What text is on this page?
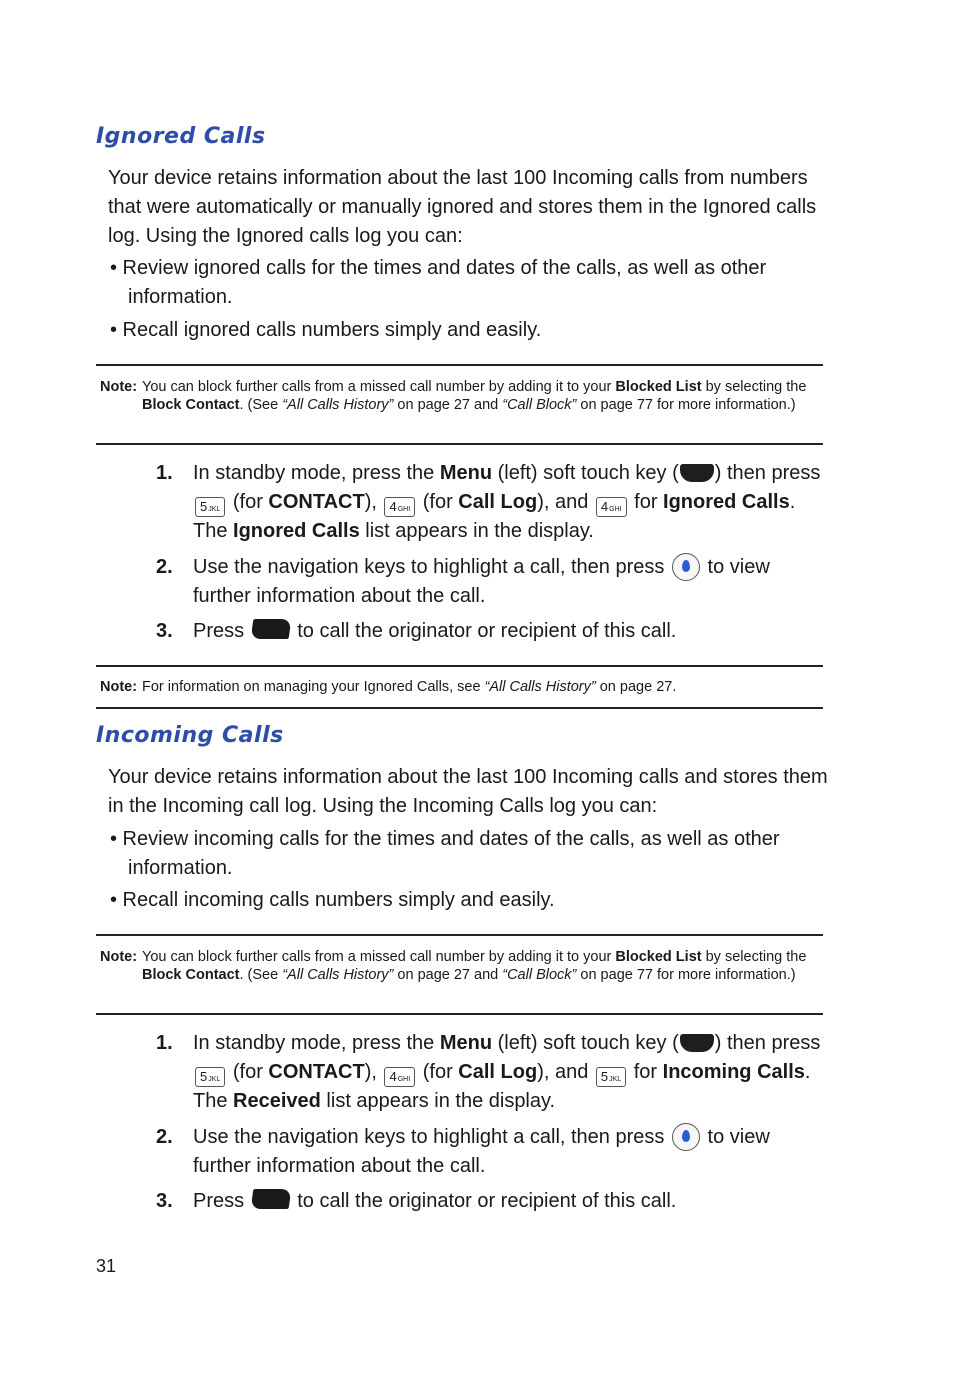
Ignored Calls

Your device retains information about the last 100 Incoming calls from numbers that were automatically or manually ignored and stores them in the Ignored calls log. Using the Ignored calls log you can:

• Review ignored calls for the times and dates of the calls, as well as other information.

• Recall ignored calls numbers simply and easily.

Note: You can block further calls from a missed call number by adding it to your Blocked List by selecting the Block Contact. (See “All Calls History” on page 27 and “Call Block” on page 77 for more information.)
1. In standby mode, press the Menu (left) soft touch key ( ) then press 5JKL (for CONTACT), 4GHI (for Call Log), and 4GHI for Ignored Calls. The Ignored Calls list appears in the display.
2. Use the navigation keys to highlight a call, then press  to view further information about the call.
3. Press  to call the originator or recipient of this call.
Note: For information on managing your Ignored Calls, see “All Calls History” on page 27.
Incoming Calls

Your device retains information about the last 100 Incoming calls and stores them in the Incoming call log. Using the Incoming Calls log you can:

• Review incoming calls for the times and dates of the calls, as well as other information.

• Recall incoming calls numbers simply and easily.

Note: You can block further calls from a missed call number by adding it to your Blocked List by selecting the Block Contact. (See “All Calls History” on page 27 and “Call Block” on page 77 for more information.)
1. In standby mode, press the Menu (left) soft touch key ( ) then press 5JKL (for CONTACT), 4GHI (for Call Log), and 5JKL for Incoming Calls. The Received list appears in the display.
2. Use the navigation keys to highlight a call, then press  to view further information about the call.
3. Press  to call the originator or recipient of this call.
31
